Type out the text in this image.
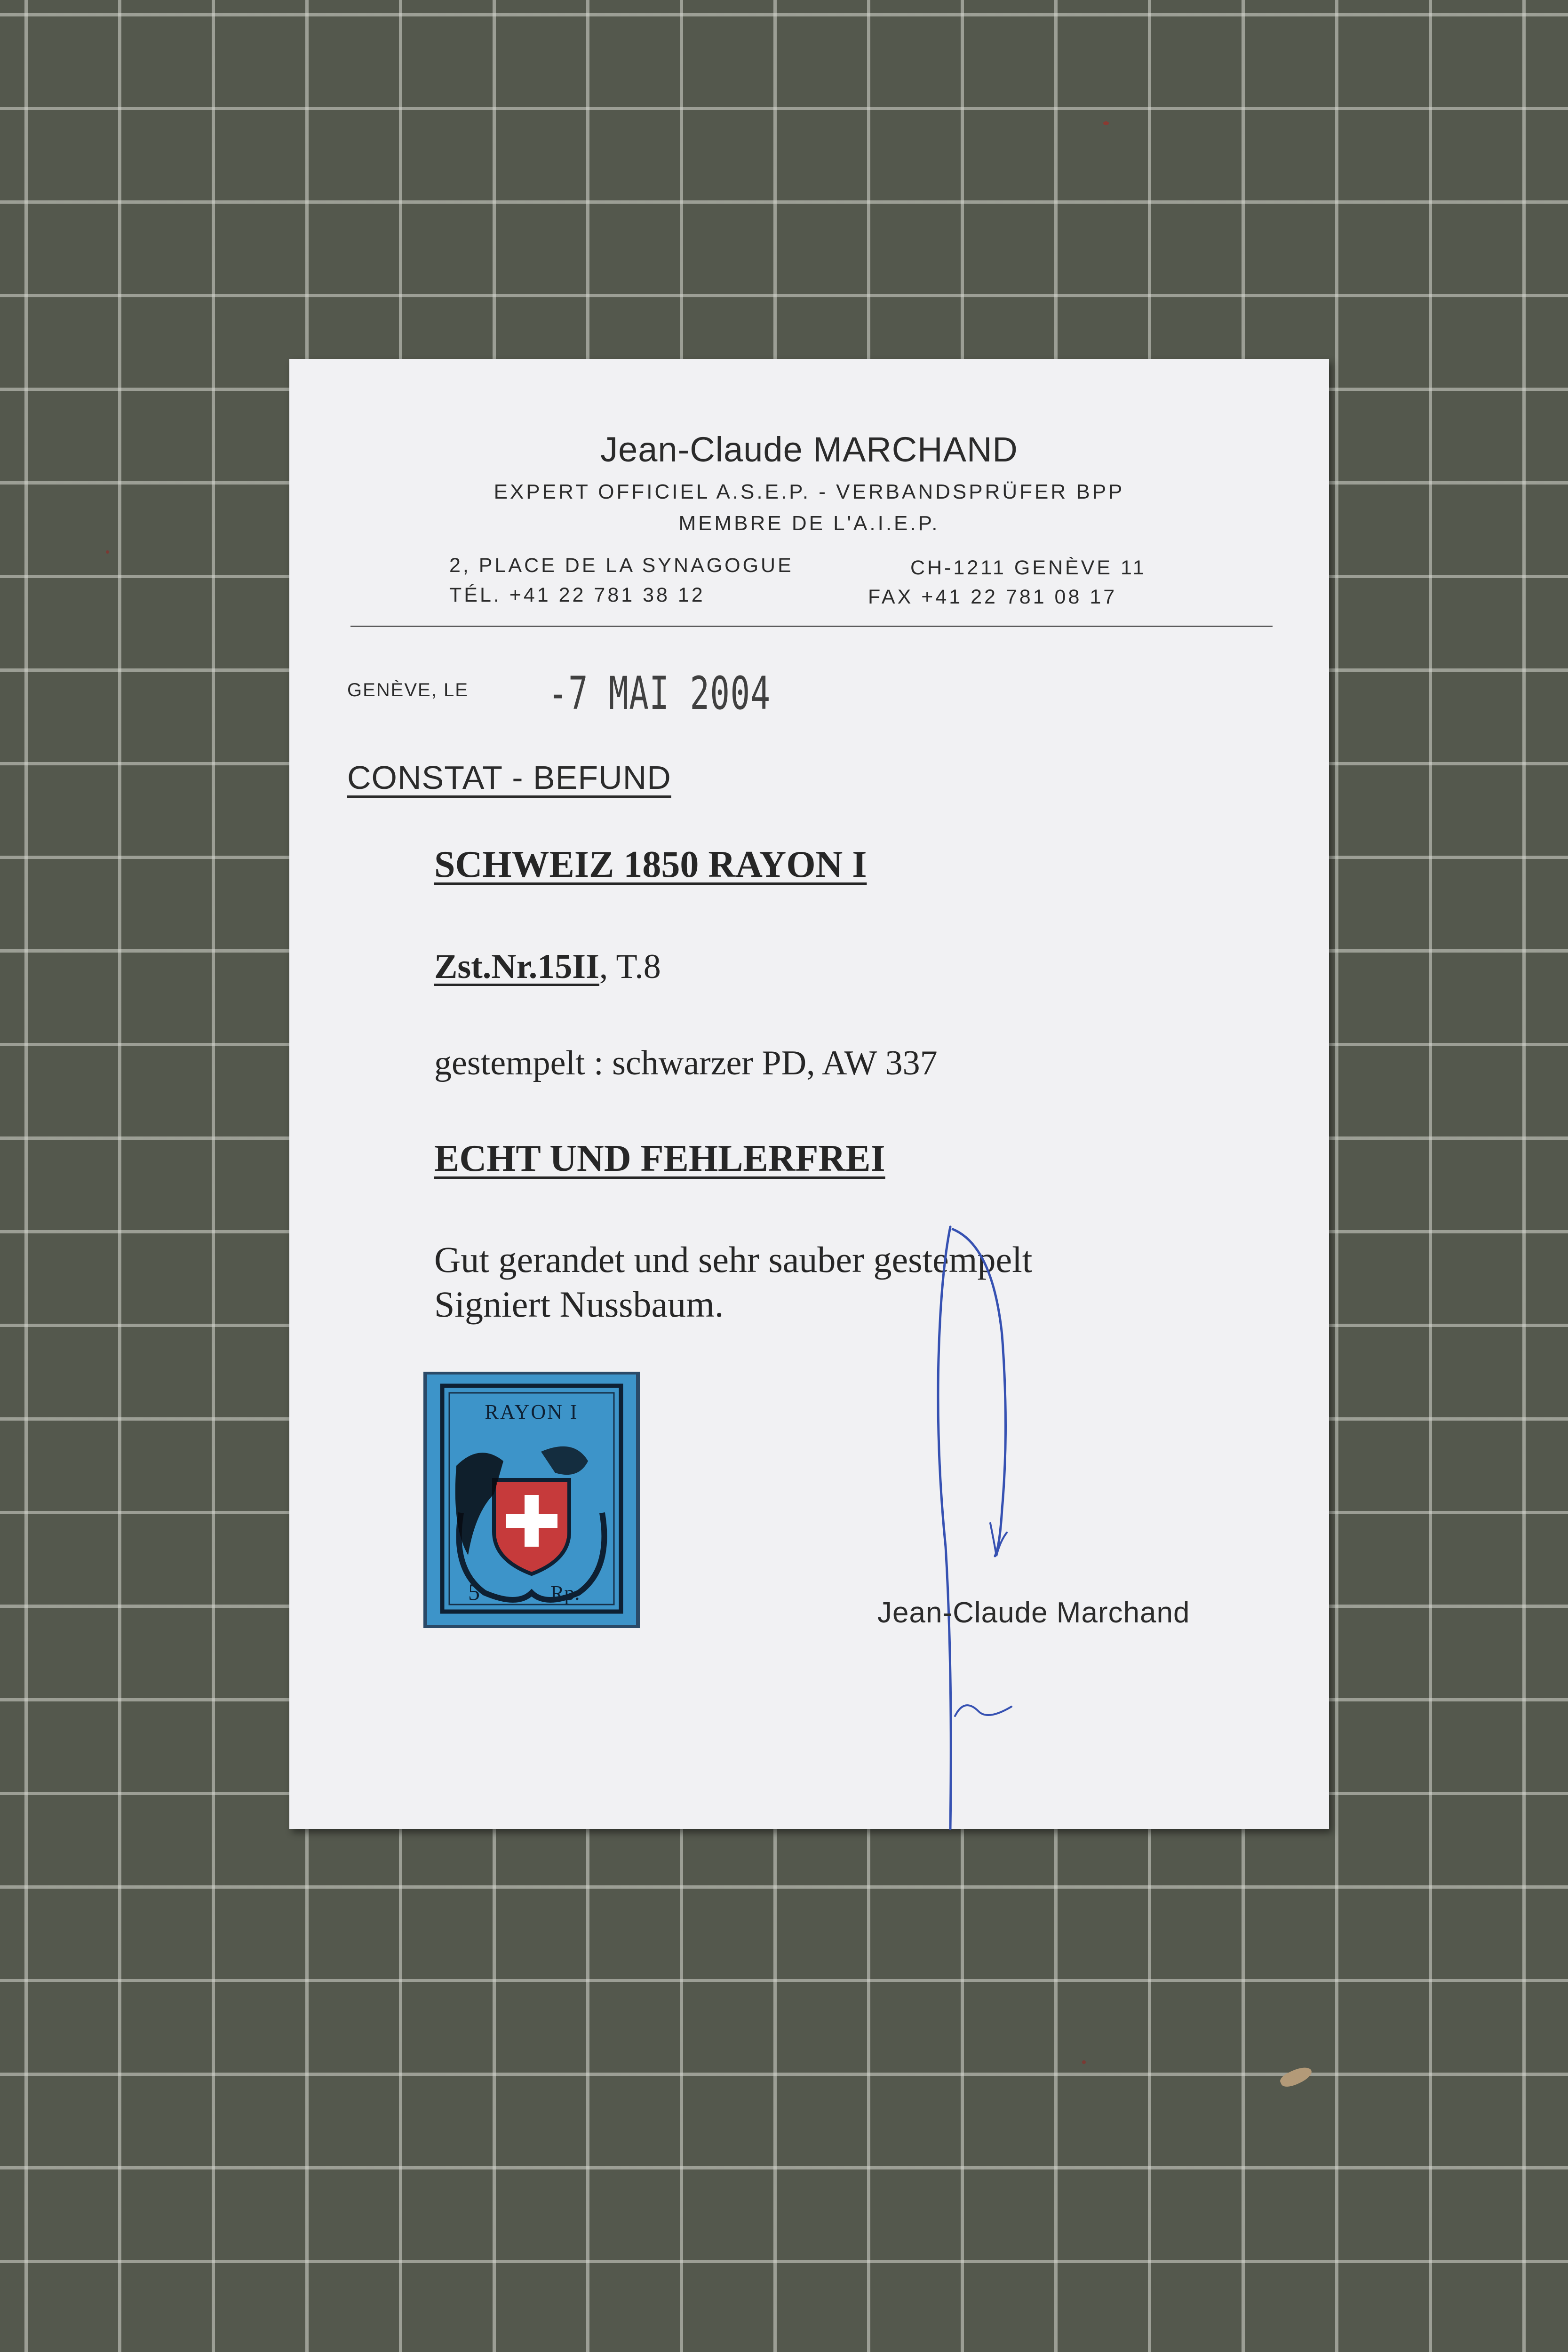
Jean-Claude MARCHAND
EXPERT OFFICIEL A.S.E.P. - VERBANDSPRÜFER BPP
MEMBRE DE L'A.I.E.P.
2, PLACE DE LA SYNAGOGUE	CH-1211 GENÈVE 11
TÉL. +41 22 781 38 12	FAX +41 22 781 08 17
GENÈVE, LE -7 MAI 2004
CONSTAT - BEFUND
SCHWEIZ 1850 RAYON I
Zst.Nr.15II, T.8
gestempelt : schwarzer PD, AW 337
ECHT UND FEHLERFREI
Gut gerandet und sehr sauber gestempelt
Signiert Nussbaum.
RAYON I
5	Rp.
Jean-Claude Marchand
